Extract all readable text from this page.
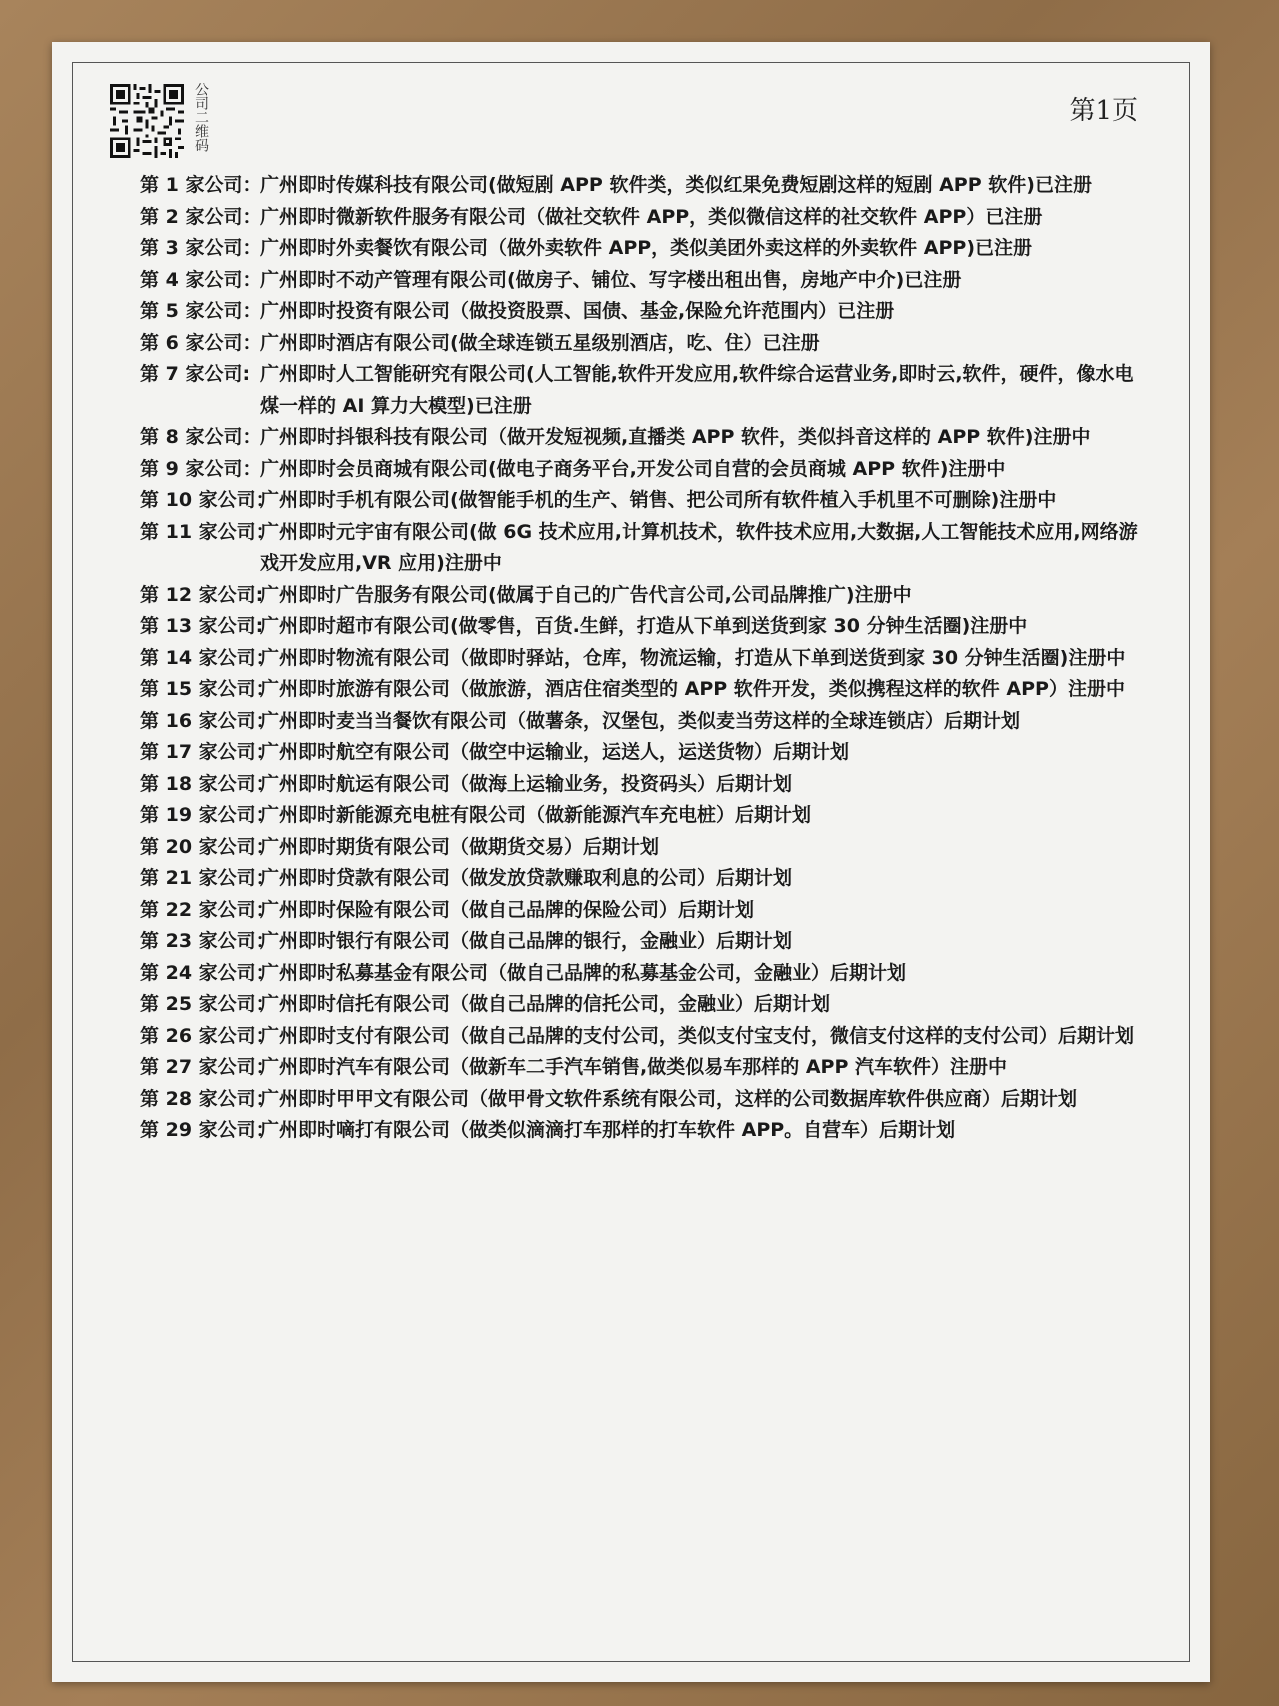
公司二维码	第1页
第 1 家公司：
广州即时传媒科技有限公司(做短剧 APP 软件类，类似红果免费短剧这样的短剧 APP 软件)已注册
第 2 家公司：
广州即时微新软件服务有限公司（做社交软件 APP，类似微信这样的社交软件 APP）已注册
第 3 家公司：
广州即时外卖餐饮有限公司（做外卖软件 APP，类似美团外卖这样的外卖软件 APP)已注册
第 4 家公司：
广州即时不动产管理有限公司(做房子、铺位、写字楼出租出售，房地产中介)已注册
第 5 家公司：
广州即时投资有限公司（做投资股票、国债、基金,保险允许范围内）已注册
第 6 家公司：
广州即时酒店有限公司(做全球连锁五星级别酒店，吃、住）已注册
第 7 家公司: 广州即时人工智能研究有限公司(人工智能,软件开发应用,软件综合运营业务,即时云,软件，硬件，像水电煤一样的 AI 算力大模型)已注册
第 8 家公司：
广州即时抖银科技有限公司（做开发短视频,直播类 APP 软件，类似抖音这样的 APP 软件)注册中
第 9 家公司：
广州即时会员商城有限公司(做电子商务平台,开发公司自营的会员商城 APP 软件)注册中
第 10 家公司：
广州即时手机有限公司(做智能手机的生产、销售、把公司所有软件植入手机里不可删除)注册中
第 11 家公司：
广州即时元宇宙有限公司(做 6G 技术应用,计算机技术，软件技术应用,大数据,人工智能技术应用,网络游戏开发应用,VR 应用)注册中
第 12 家公司:
广州即时广告服务有限公司(做属于自己的广告代言公司,公司品牌推广)注册中
第 13 家公司:
广州即时超市有限公司(做零售，百货.生鲜，打造从下单到送货到家 30 分钟生活圈)注册中
第 14 家公司：
广州即时物流有限公司（做即时驿站，仓库，物流运输，打造从下单到送货到家 30 分钟生活圈)注册中
第 15 家公司：
广州即时旅游有限公司（做旅游，酒店住宿类型的 APP 软件开发，类似携程这样的软件 APP）注册中
第 16 家公司：
广州即时麦当当餐饮有限公司（做薯条，汉堡包，类似麦当劳这样的全球连锁店）后期计划
第 17 家公司：
广州即时航空有限公司（做空中运输业，运送人，运送货物）后期计划
第 18 家公司：
广州即时航运有限公司（做海上运输业务，投资码头）后期计划
第 19 家公司：
广州即时新能源充电桩有限公司（做新能源汽车充电桩）后期计划
第 20 家公司：
广州即时期货有限公司（做期货交易）后期计划
第 21 家公司：
广州即时贷款有限公司（做发放贷款赚取利息的公司）后期计划
第 22 家公司：
广州即时保险有限公司（做自己品牌的保险公司）后期计划
第 23 家公司：
广州即时银行有限公司（做自己品牌的银行，金融业）后期计划
第 24 家公司：
广州即时私募基金有限公司（做自己品牌的私募基金公司，金融业）后期计划
第 25 家公司：
广州即时信托有限公司（做自己品牌的信托公司，金融业）后期计划
第 26 家公司：
广州即时支付有限公司（做自己品牌的支付公司，类似支付宝支付，微信支付这样的支付公司）后期计划
第 27 家公司：
广州即时汽车有限公司（做新车二手汽车销售,做类似易车那样的 APP 汽车软件）注册中
第 28 家公司：
广州即时甲甲文有限公司（做甲骨文软件系统有限公司，这样的公司数据库软件供应商）后期计划
第 29 家公司：
广州即时嘀打有限公司（做类似滴滴打车那样的打车软件 APP。自营车）后期计划
